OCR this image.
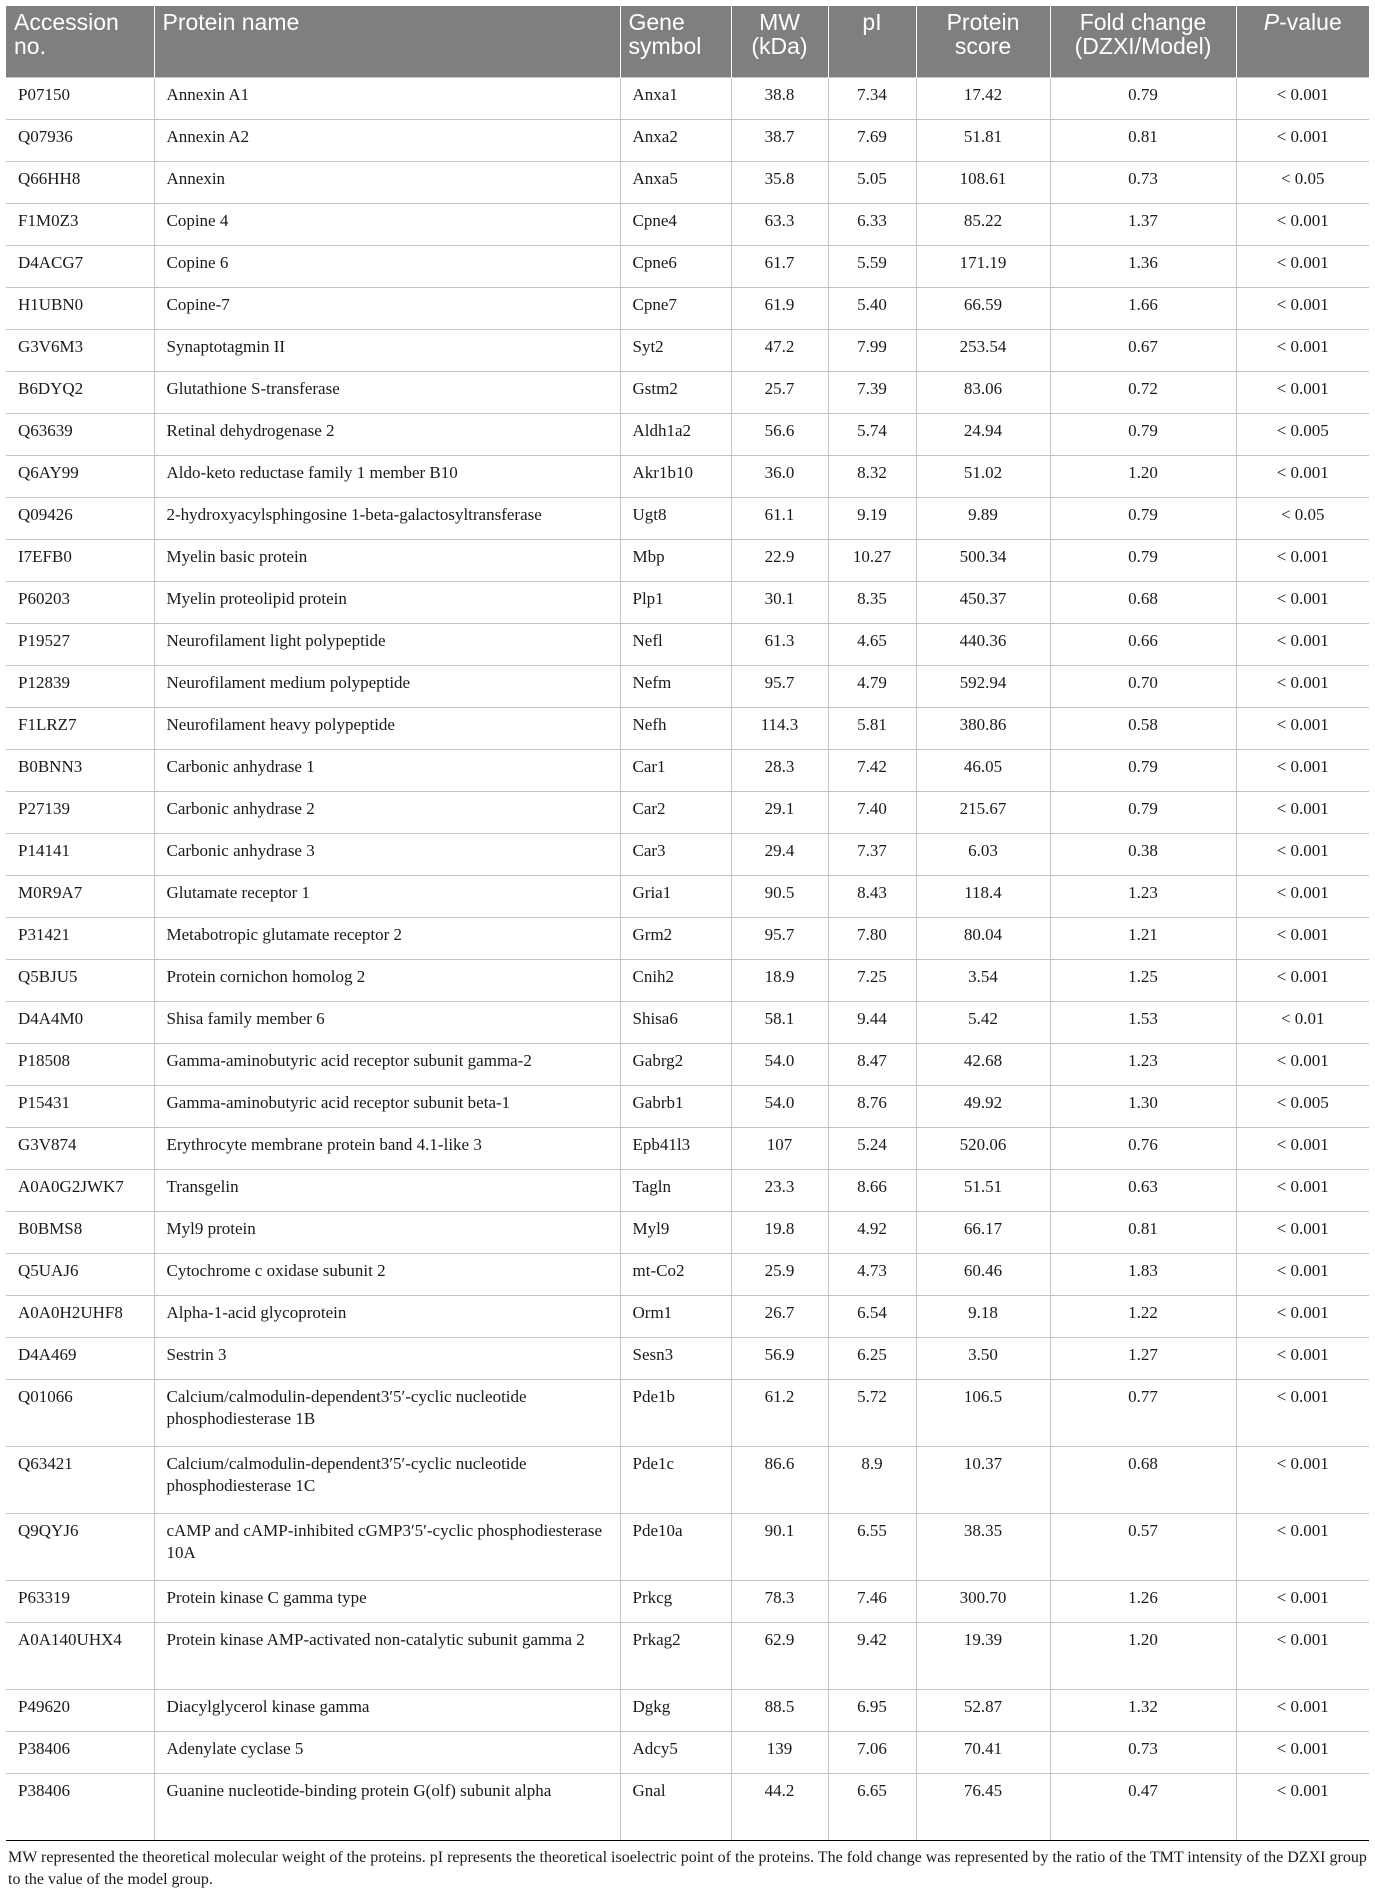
Accession no.	Protein name	Gene symbol	MW (kDa)	pI	Protein score	Fold change (DZXI/Model)	P-value
P07150	Annexin A1	Anxa1	38.8	7.34	17.42	0.79	< 0.001
Q07936	Annexin A2	Anxa2	38.7	7.69	51.81	0.81	< 0.001
Q66HH8	Annexin	Anxa5	35.8	5.05	108.61	0.73	< 0.05
F1M0Z3	Copine 4	Cpne4	63.3	6.33	85.22	1.37	< 0.001
D4ACG7	Copine 6	Cpne6	61.7	5.59	171.19	1.36	< 0.001
H1UBN0	Copine-7	Cpne7	61.9	5.40	66.59	1.66	< 0.001
G3V6M3	Synaptotagmin II	Syt2	47.2	7.99	253.54	0.67	< 0.001
B6DYQ2	Glutathione S-transferase	Gstm2	25.7	7.39	83.06	0.72	< 0.001
Q63639	Retinal dehydrogenase 2	Aldh1a2	56.6	5.74	24.94	0.79	< 0.005
Q6AY99	Aldo-keto reductase family 1 member B10	Akr1b10	36.0	8.32	51.02	1.20	< 0.001
Q09426	2-hydroxyacylsphingosine 1-beta-galactosyltransferase	Ugt8	61.1	9.19	9.89	0.79	< 0.05
I7EFB0	Myelin basic protein	Mbp	22.9	10.27	500.34	0.79	< 0.001
P60203	Myelin proteolipid protein	Plp1	30.1	8.35	450.37	0.68	< 0.001
P19527	Neurofilament light polypeptide	Nefl	61.3	4.65	440.36	0.66	< 0.001
P12839	Neurofilament medium polypeptide	Nefm	95.7	4.79	592.94	0.70	< 0.001
F1LRZ7	Neurofilament heavy polypeptide	Nefh	114.3	5.81	380.86	0.58	< 0.001
B0BNN3	Carbonic anhydrase 1	Car1	28.3	7.42	46.05	0.79	< 0.001
P27139	Carbonic anhydrase 2	Car2	29.1	7.40	215.67	0.79	< 0.001
P14141	Carbonic anhydrase 3	Car3	29.4	7.37	6.03	0.38	< 0.001
M0R9A7	Glutamate receptor 1	Gria1	90.5	8.43	118.4	1.23	< 0.001
P31421	Metabotropic glutamate receptor 2	Grm2	95.7	7.80	80.04	1.21	< 0.001
Q5BJU5	Protein cornichon homolog 2	Cnih2	18.9	7.25	3.54	1.25	< 0.001
D4A4M0	Shisa family member 6	Shisa6	58.1	9.44	5.42	1.53	< 0.01
P18508	Gamma-aminobutyric acid receptor subunit gamma-2	Gabrg2	54.0	8.47	42.68	1.23	< 0.001
P15431	Gamma-aminobutyric acid receptor subunit beta-1	Gabrb1	54.0	8.76	49.92	1.30	< 0.005
G3V874	Erythrocyte membrane protein band 4.1-like 3	Epb41l3	107	5.24	520.06	0.76	< 0.001
A0A0G2JWK7	Transgelin	Tagln	23.3	8.66	51.51	0.63	< 0.001
B0BMS8	Myl9 protein	Myl9	19.8	4.92	66.17	0.81	< 0.001
Q5UAJ6	Cytochrome c oxidase subunit 2	mt-Co2	25.9	4.73	60.46	1.83	< 0.001
A0A0H2UHF8	Alpha-1-acid glycoprotein	Orm1	26.7	6.54	9.18	1.22	< 0.001
D4A469	Sestrin 3	Sesn3	56.9	6.25	3.50	1.27	< 0.001
Q01066	Calcium/calmodulin-dependent3′5′-cyclic nucleotide phosphodiesterase 1B	Pde1b	61.2	5.72	106.5	0.77	< 0.001
Q63421	Calcium/calmodulin-dependent3′5′-cyclic nucleotide phosphodiesterase 1C	Pde1c	86.6	8.9	10.37	0.68	< 0.001
Q9QYJ6	cAMP and cAMP-inhibited cGMP3′5′-cyclic phosphodiesterase 10A	Pde10a	90.1	6.55	38.35	0.57	< 0.001
P63319	Protein kinase C gamma type	Prkcg	78.3	7.46	300.70	1.26	< 0.001
A0A140UHX4	Protein kinase AMP-activated non-catalytic subunit gamma 2	Prkag2	62.9	9.42	19.39	1.20	< 0.001
P49620	Diacylglycerol kinase gamma	Dgkg	88.5	6.95	52.87	1.32	< 0.001
P38406	Adenylate cyclase 5	Adcy5	139	7.06	70.41	0.73	< 0.001
P38406	Guanine nucleotide-binding protein G(olf) subunit alpha	Gnal	44.2	6.65	76.45	0.47	< 0.001
MW represented the theoretical molecular weight of the proteins. pI represents the theoretical isoelectric point of the proteins. The fold change was represented by the ratio of the TMT intensity of the DZXI group to the value of the model group.
